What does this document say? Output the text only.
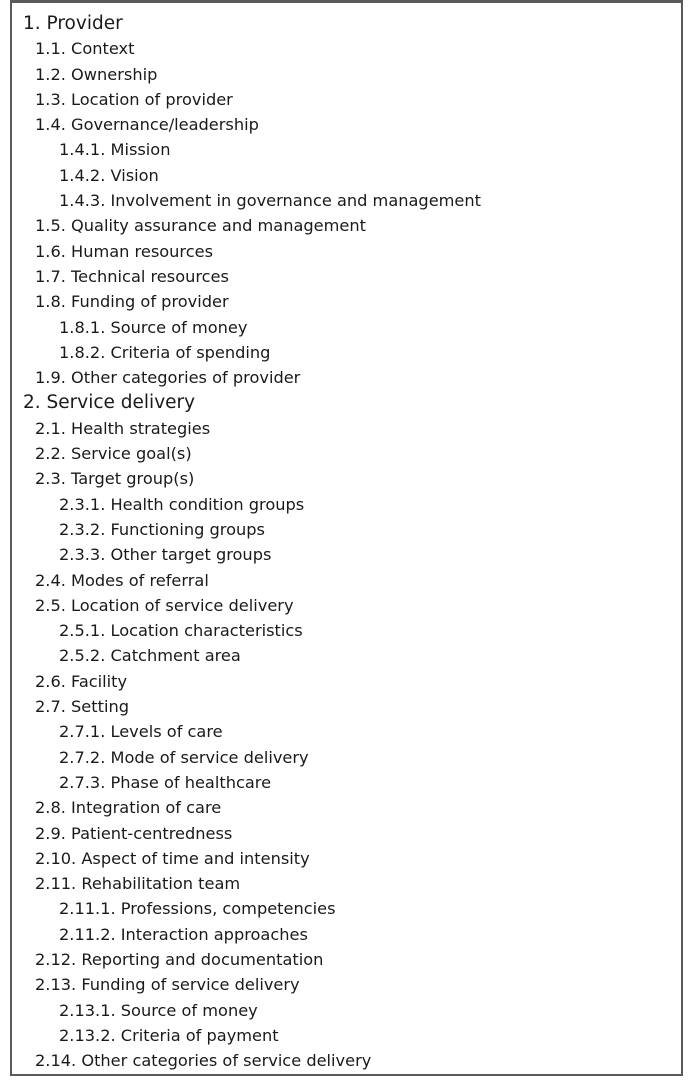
1. Provider
1.1. Context
1.2. Ownership
1.3. Location of provider
1.4. Governance/leadership
1.4.1. Mission
1.4.2. Vision
1.4.3. Involvement in governance and management
1.5. Quality assurance and management
1.6. Human resources
1.7. Technical resources
1.8. Funding of provider
1.8.1. Source of money
1.8.2. Criteria of spending
1.9. Other categories of provider
2. Service delivery
2.1. Health strategies
2.2. Service goal(s)
2.3. Target group(s)
2.3.1. Health condition groups
2.3.2. Functioning groups
2.3.3. Other target groups
2.4. Modes of referral
2.5. Location of service delivery
2.5.1. Location characteristics
2.5.2. Catchment area
2.6. Facility
2.7. Setting
2.7.1. Levels of care
2.7.2. Mode of service delivery
2.7.3. Phase of healthcare
2.8. Integration of care
2.9. Patient-centredness
2.10. Aspect of time and intensity
2.11. Rehabilitation team
2.11.1. Professions, competencies
2.11.2. Interaction approaches
2.12. Reporting and documentation
2.13. Funding of service delivery
2.13.1. Source of money
2.13.2. Criteria of payment
2.14. Other categories of service delivery
